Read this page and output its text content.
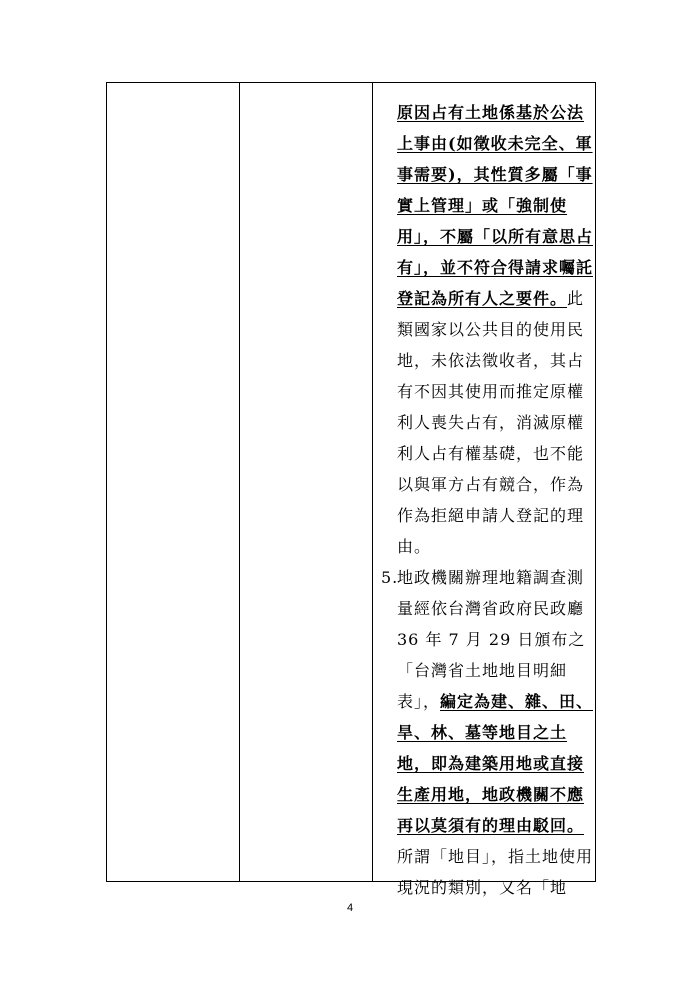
原因占有土地係基於公法
上事由(如徵收未完全、軍
事需要)，其性質多屬「事
實上管理」或「強制使
用」，不屬「以所有意思占
有」，並不符合得請求囑託
登記為所有人之要件。此
類國家以公共目的使用民
地，未依法徵收者，其占
有不因其使用而推定原權
利人喪失占有，消滅原權
利人占有權基礎，也不能
以與軍方占有競合，作為
作為拒絕申請人登記的理
由。
5.
地政機關辦理地籍調查測
量經依台灣省政府民政廳
36 年 7 月 29 日頒布之
「台灣省土地地目明細
表」，編定為建、雜、田、
旱、林、墓等地目之土
地，即為建築用地或直接
生產用地，地政機關不應
再以莫須有的理由駁回。
所謂「地目」，指土地使用
現況的類別，又名「地
4
